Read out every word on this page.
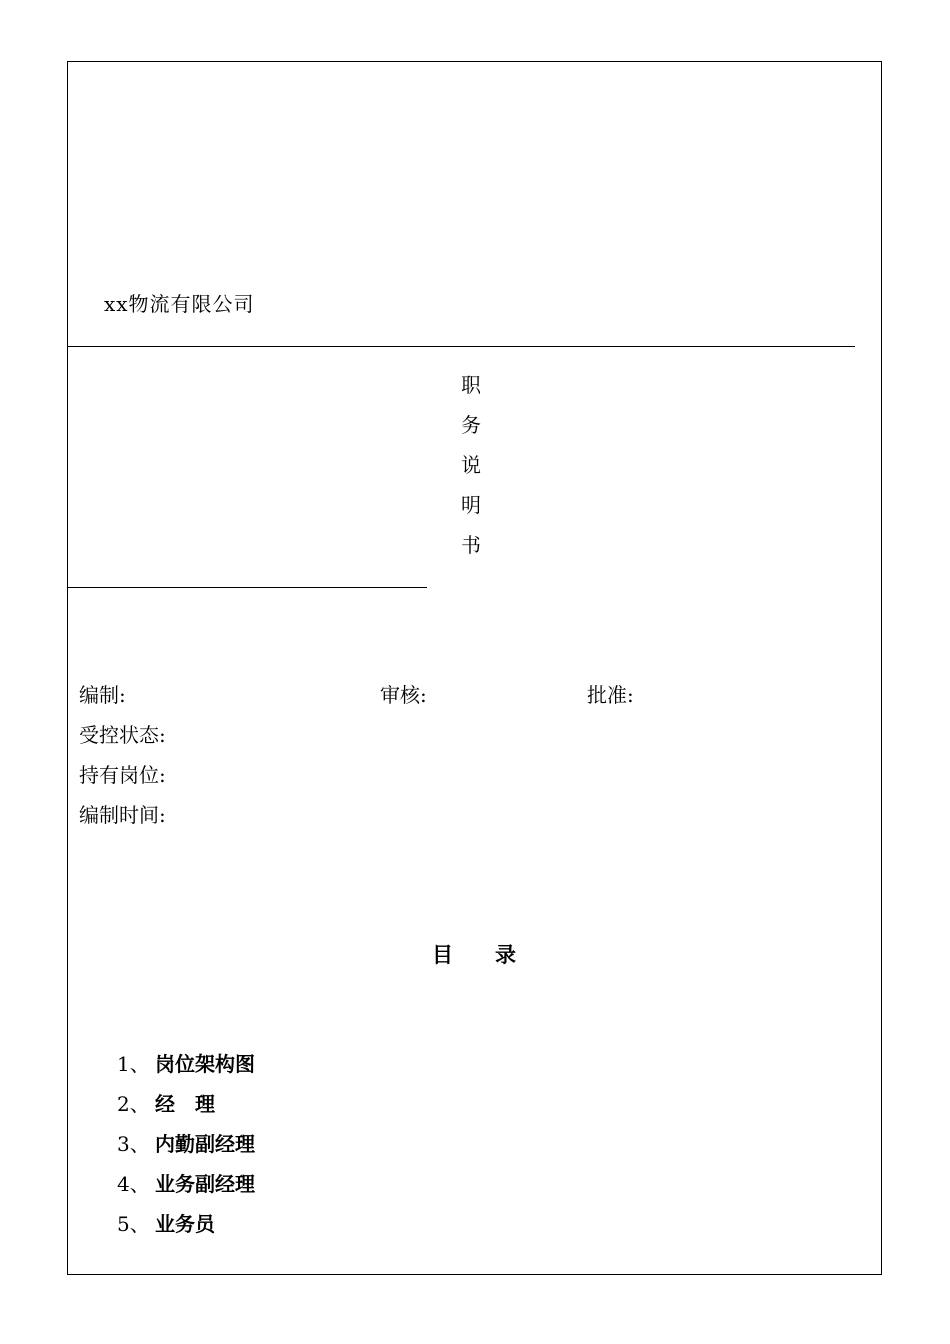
xx物流有限公司
职
务
说
明
书
编制:	审核:	批准:
受控状态:
持有岗位:
编制时间:
目 录
1、 岗位架构图
2、 经　理
3、 内勤副经理
4、 业务副经理
5、 业务员
